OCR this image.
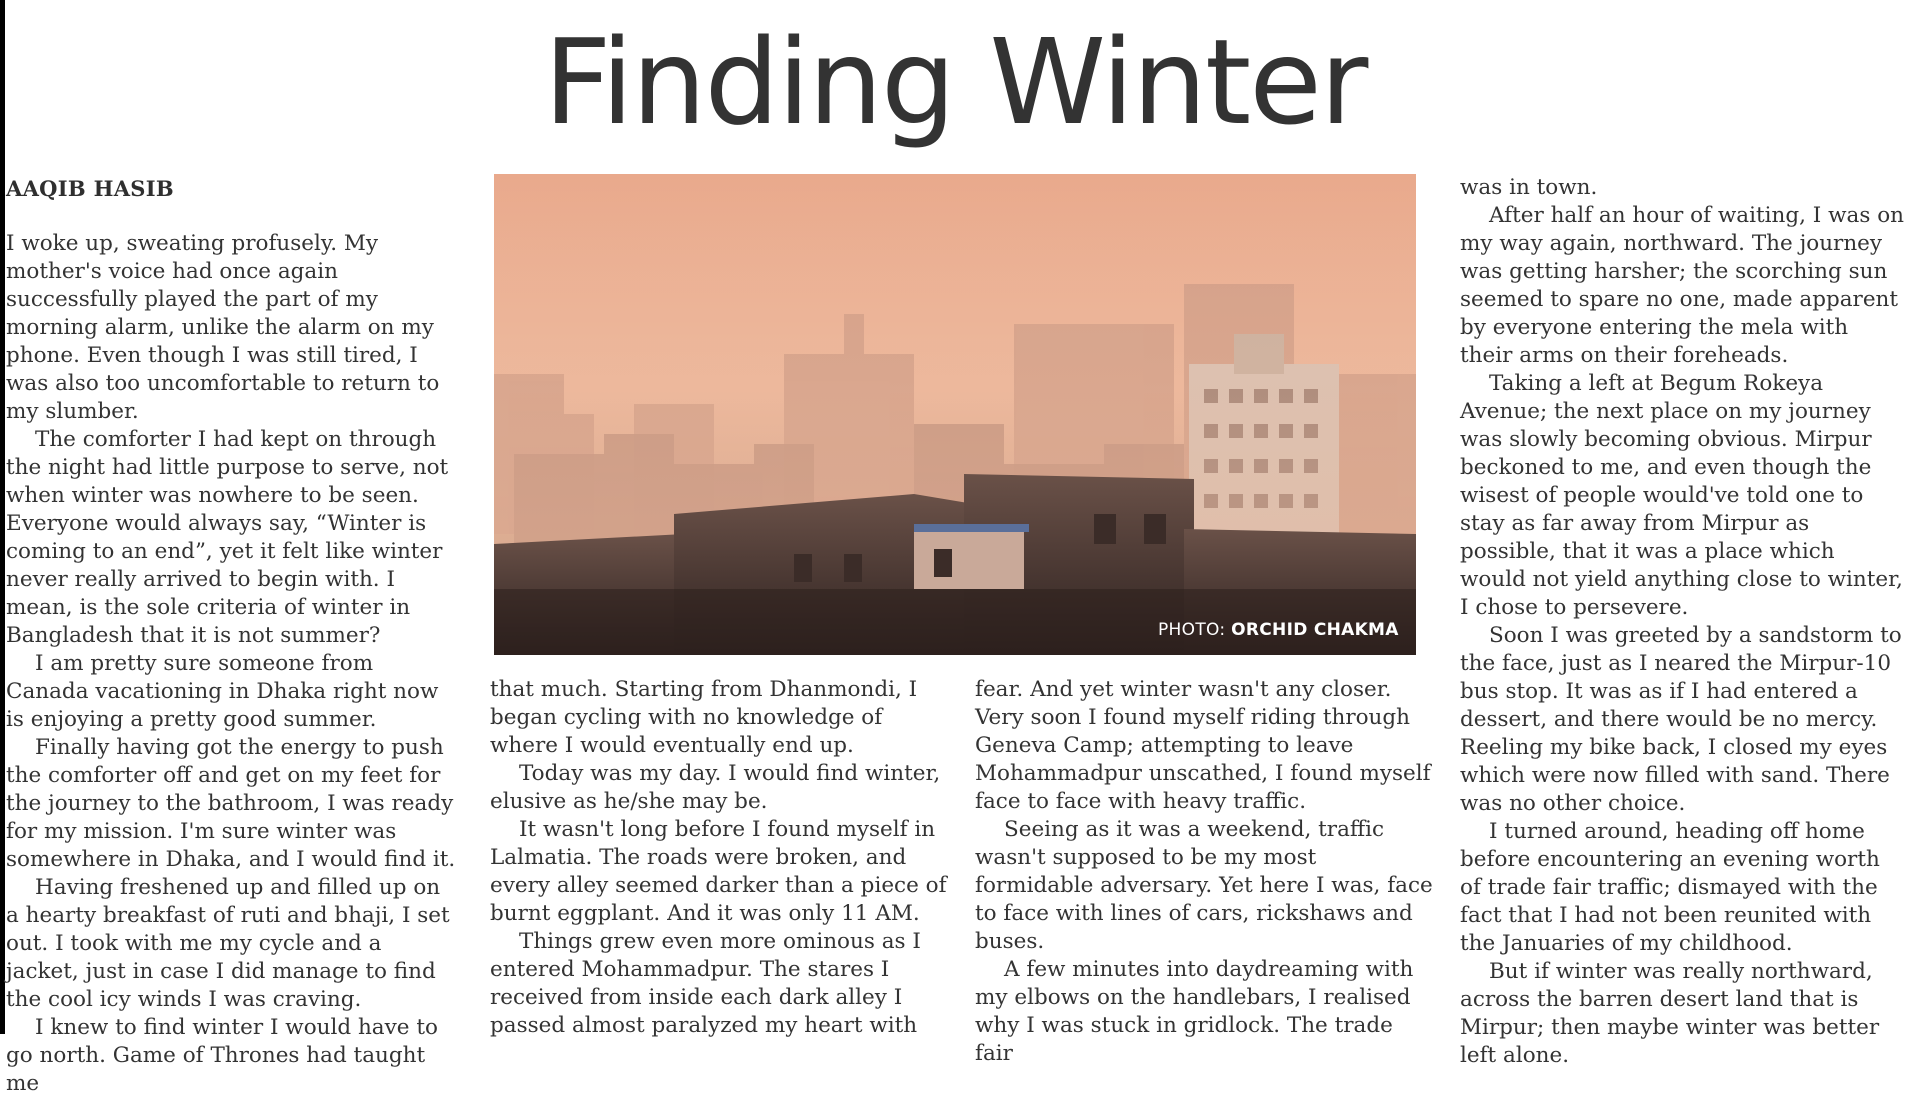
Finding Winter
AAQIB HASIB

I woke up, sweating profusely. My mother's voice had once again successfully played the part of my morning alarm, unlike the alarm on my phone. Even though I was still tired, I was also too uncomfortable to return to my slumber.

The comforter I had kept on through the night had little purpose to serve, not when winter was nowhere to be seen. Everyone would always say, “Winter is coming to an end”, yet it felt like winter never really arrived to begin with. I mean, is the sole criteria of winter in Bangladesh that it is not summer?

I am pretty sure someone from Canada vacationing in Dhaka right now is enjoying a pretty good summer.

Finally having got the energy to push the comforter off and get on my feet for the journey to the bathroom, I was ready for my mission. I'm sure winter was somewhere in Dhaka, and I would find it.

Having freshened up and filled up on a hearty breakfast of ruti and bhaji, I set out. I took with me my cycle and a jacket, just in case I did manage to find the cool icy winds I was craving.

I knew to find winter I would have to go north. Game of Thrones had taught me

PHOTO: ORCHID CHAKMA

that much. Starting from Dhanmondi, I began cycling with no knowledge of where I would eventually end up.

Today was my day. I would find winter, elusive as he/she may be.

It wasn't long before I found myself in Lalmatia. The roads were broken, and every alley seemed darker than a piece of burnt eggplant. And it was only 11 AM.

Things grew even more ominous as I entered Mohammadpur. The stares I received from inside each dark alley I passed almost paralyzed my heart with

fear. And yet winter wasn't any closer. Very soon I found myself riding through Geneva Camp; attempting to leave Mohammadpur unscathed, I found myself face to face with heavy traffic.

Seeing as it was a weekend, traffic wasn't supposed to be my most formidable adversary. Yet here I was, face to face with lines of cars, rickshaws and buses.

A few minutes into daydreaming with my elbows on the handlebars, I realised why I was stuck in gridlock. The trade fair

was in town.

After half an hour of waiting, I was on my way again, northward. The journey was getting harsher; the scorching sun seemed to spare no one, made apparent by everyone entering the mela with their arms on their foreheads.

Taking a left at Begum Rokeya Avenue; the next place on my journey was slowly becoming obvious. Mirpur beckoned to me, and even though the wisest of people would've told one to stay as far away from Mirpur as possible, that it was a place which would not yield anything close to winter, I chose to persevere.

Soon I was greeted by a sandstorm to the face, just as I neared the Mirpur-10 bus stop. It was as if I had entered a dessert, and there would be no mercy. Reeling my bike back, I closed my eyes which were now filled with sand. There was no other choice.

I turned around, heading off home before encountering an evening worth of trade fair traffic; dismayed with the fact that I had not been reunited with the Januaries of my childhood.

But if winter was really northward, across the barren desert land that is Mirpur; then maybe winter was better left alone.
